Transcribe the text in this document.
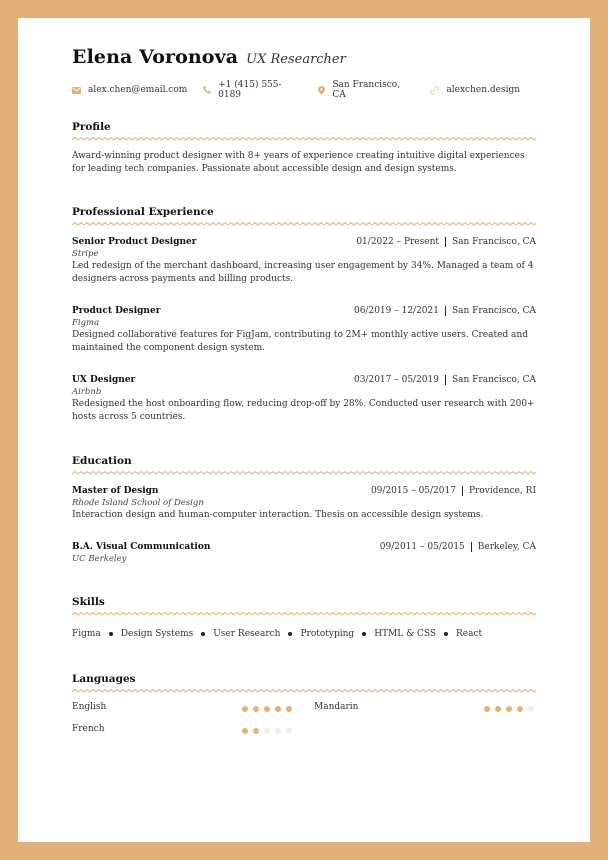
Elena Voronova UX Researcher
alex.chen@email.com	+1 (415) 555-0189
San Francisco, CA	alexchen.design
Profile
Award-winning product designer with 8+ years of experience creating intuitive digital experiences for leading tech companies. Passionate about accessible design and design systems.
Professional Experience
Senior Product Designer	01/2022 – Present San Francisco, CA
Stripe
Led redesign of the merchant dashboard, increasing user engagement by 34%. Managed a team of 4 designers across payments and billing products.
Product Designer	06/2019 – 12/2021 San Francisco, CA
Figma
Designed collaborative features for FigJam, contributing to 2M+ monthly active users. Created and maintained the component design system.
UX Designer	03/2017 – 05/2019 San Francisco, CA
Airbnb
Redesigned the host onboarding flow, reducing drop-off by 28%. Conducted user research with 200+ hosts across 5 countries.
Education
Master of Design	09/2015 – 05/2017 Providence, RI
Rhode Island School of Design
Interaction design and human-computer interaction. Thesis on accessible design systems.
B.A. Visual Communication	09/2011 – 05/2015 Berkeley, CA
UC Berkeley
Skills
Figma Design Systems User Research Prototyping HTML & CSS React
Languages
English	Mandarin
French
